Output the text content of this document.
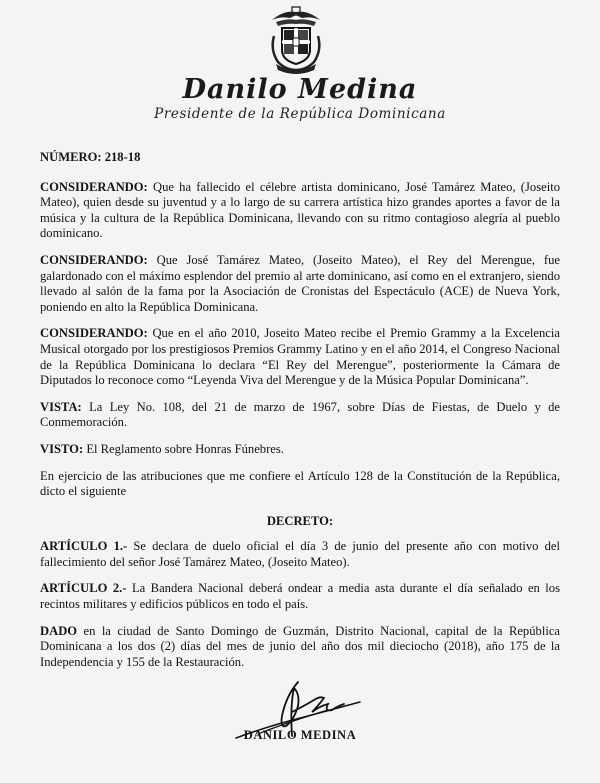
Danilo Medina
Presidente de la República Dominicana

NÚMERO: 218-18

CONSIDERANDO: Que ha fallecido el célebre artista dominicano, José Tamárez Mateo, (Joseito Mateo), quien desde su juventud y a lo largo de su carrera artística hizo grandes aportes a favor de la música y la cultura de la República Dominicana, llevando con su ritmo contagioso alegría al pueblo dominicano.

CONSIDERANDO: Que José Tamárez Mateo, (Joseito Mateo), el Rey del Merengue, fue galardonado con el máximo esplendor del premio al arte dominicano, así como en el extranjero, siendo llevado al salón de la fama por la Asociación de Cronistas del Espectáculo (ACE) de Nueva York, poniendo en alto la República Dominicana.

CONSIDERANDO: Que en el año 2010, Joseito Mateo recibe el Premio Grammy a la Excelencia Musical otorgado por los prestigiosos Premios Grammy Latino y en el año 2014, el Congreso Nacional de la República Dominicana lo declara “El Rey del Merengue”, posteriormente la Cámara de Diputados lo reconoce como “Leyenda Viva del Merengue y de la Música Popular Dominicana”.

VISTA: La Ley No. 108, del 21 de marzo de 1967, sobre Días de Fiestas, de Duelo y de Conmemoración.

VISTO: El Reglamento sobre Honras Fúnebres.

En ejercicio de las atribuciones que me confiere el Artículo 128 de la Constitución de la República, dicto el siguiente

DECRETO:

ARTÍCULO 1.- Se declara de duelo oficial el día 3 de junio del presente año con motivo del fallecimiento del señor José Tamárez Mateo, (Joseito Mateo).

ARTÍCULO 2.- La Bandera Nacional deberá ondear a media asta durante el día señalado en los recintos militares y edificios públicos en todo el país.

DADO en la ciudad de Santo Domingo de Guzmán, Distrito Nacional, capital de la República Dominicana a los dos (2) días del mes de junio del año dos mil dieciocho (2018), año 175 de la Independencia y 155 de la Restauración.

DANILO MEDINA
